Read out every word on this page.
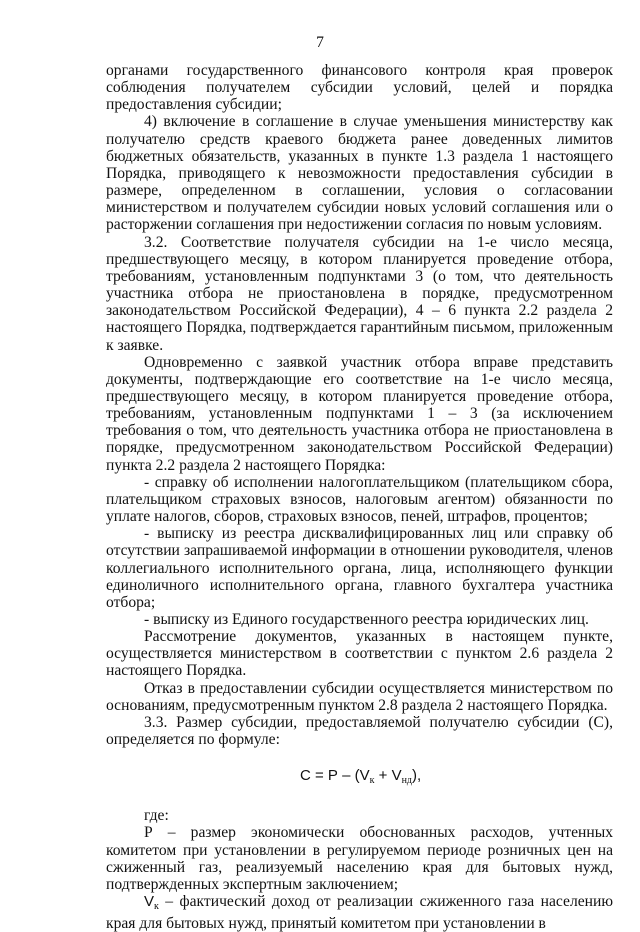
7

органами государственного финансового контроля края проверок соблюдения получателем субсидии условий, целей и порядка предоставления субсидии;

4) включение в соглашение в случае уменьшения министерству как получателю средств краевого бюджета ранее доведенных лимитов бюджетных обязательств, указанных в пункте 1.3 раздела 1 настоящего Порядка, приводящего к невозможности предоставления субсидии в размере, определенном в соглашении, условия о согласовании министерством и получателем субсидии новых условий соглашения или о расторжении соглашения при недостижении согласия по новым условиям.

3.2. Соответствие получателя субсидии на 1-е число месяца, предшествующего месяцу, в котором планируется проведение отбора, требованиям, установленным подпунктами 3 (о том, что деятельность участника отбора не приостановлена в порядке, предусмотренном законодательством Российской Федерации), 4 – 6 пункта 2.2 раздела 2 настоящего Порядка, подтверждается гарантийным письмом, приложенным к заявке.

Одновременно с заявкой участник отбора вправе представить документы, подтверждающие его соответствие на 1-е число месяца, предшествующего месяцу, в котором планируется проведение отбора, требованиям, установленным подпунктами 1 – 3 (за исключением требования о том, что деятельность участника отбора не приостановлена в порядке, предусмотренном законодательством Российской Федерации) пункта 2.2 раздела 2 настоящего Порядка:

- справку об исполнении налогоплательщиком (плательщиком сбора, плательщиком страховых взносов, налоговым агентом) обязанности по уплате налогов, сборов, страховых взносов, пеней, штрафов, процентов;

- выписку из реестра дисквалифицированных лиц или справку об отсутствии запрашиваемой информации в отношении руководителя, членов коллегиального исполнительного органа, лица, исполняющего функции единоличного исполнительного органа, главного бухгалтера участника отбора;

- выписку из Единого государственного реестра юридических лиц.

Рассмотрение документов, указанных в настоящем пункте, осуществляется министерством в соответствии с пунктом 2.6 раздела 2 настоящего Порядка.

Отказ в предоставлении субсидии осуществляется министерством по основаниям, предусмотренным пунктом 2.8 раздела 2 настоящего Порядка.

3.3. Размер субсидии, предоставляемой получателю субсидии (С), определяется по формуле:

$С = Р - (V_к + V_{нд})$,

где:

Р – размер экономически обоснованных расходов, учтенных комитетом при установлении в регулируемом периоде розничных цен на сжиженный газ, реализуемый населению края для бытовых нужд, подтвержденных экспертным заключением;

$V_к$ – фактический доход от реализации сжиженного газа населению края для бытовых нужд, принятый комитетом при установлении в
